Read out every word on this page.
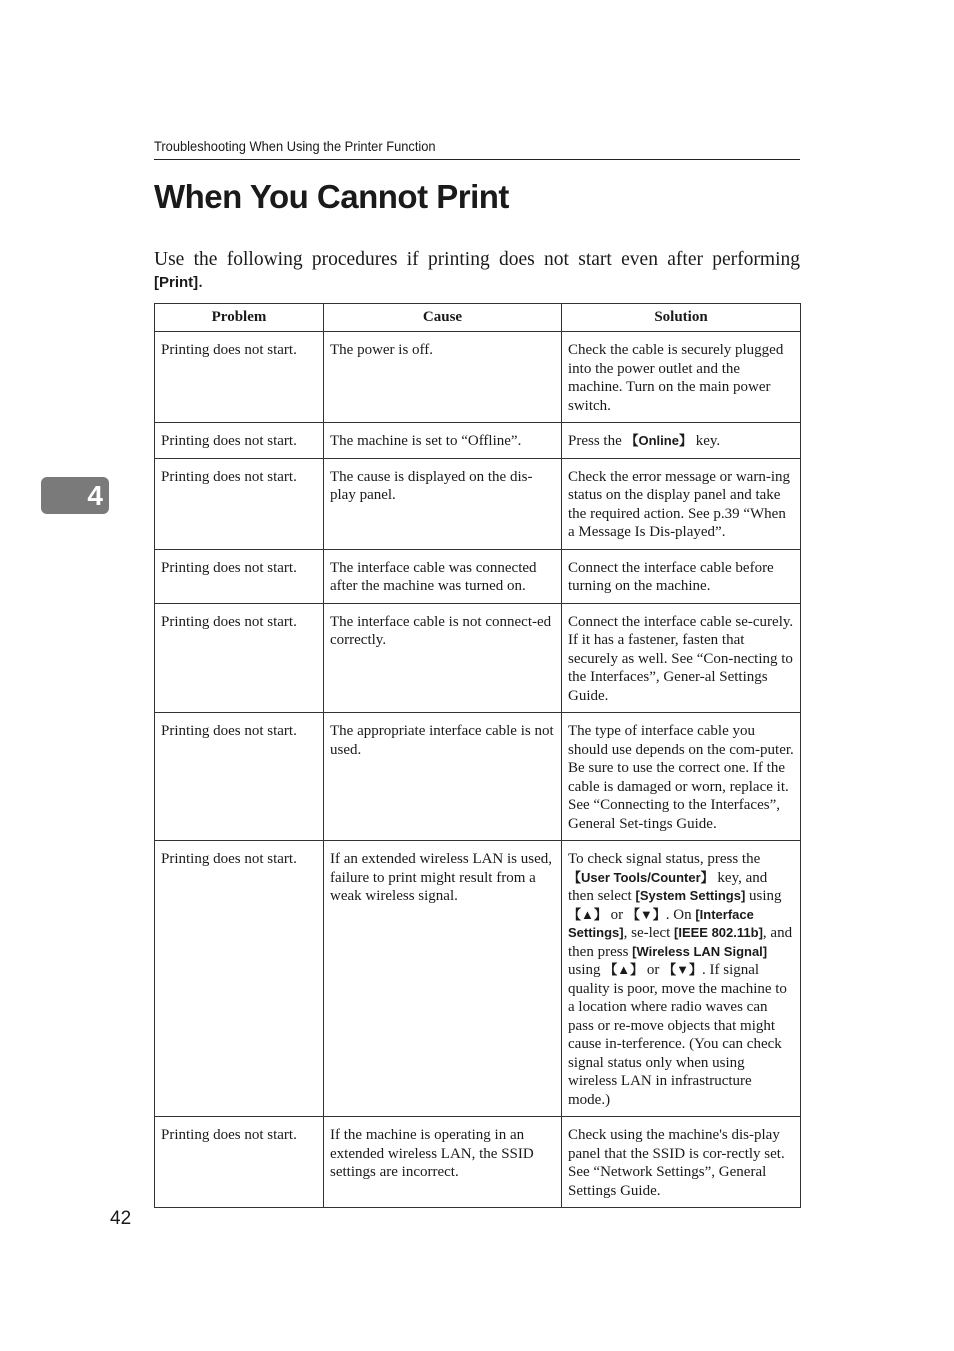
Troubleshooting When Using the Printer Function
When You Cannot Print

Use the following procedures if printing does not start even after performing [Print].

4
Problem	Cause	Solution
Printing does not start.	The power is off.	Check the cable is securely plugged into the power outlet and the machine. Turn on the main power switch.
Printing does not start.	The machine is set to “Offline”.	Press the 【Online】 key.
Printing does not start.	The cause is displayed on the dis-play panel.	Check the error message or warn-ing status on the display panel and take the required action. See p.39 “When a Message Is Dis-played”.
Printing does not start.	The interface cable was connected after the machine was turned on.	Connect the interface cable before turning on the machine.
Printing does not start.	The interface cable is not connect-ed correctly.	Connect the interface cable se-curely. If it has a fastener, fasten that securely as well. See “Con-necting to the Interfaces”, Gener-al Settings Guide.
Printing does not start.	The appropriate interface cable is not used.	The type of interface cable you should use depends on the com-puter. Be sure to use the correct one. If the cable is damaged or worn, replace it. See “Connecting to the Interfaces”, General Set-tings Guide.
Printing does not start.	If an extended wireless LAN is used, failure to print might result from a weak wireless signal.	To check signal status, press the 【User Tools/Counter】 key, and then select [System Settings] using 【▲】 or 【▼】. On [Interface Settings], se-lect [IEEE 802.11b], and then press [Wireless LAN Signal] using 【▲】 or 【▼】. If signal quality is poor, move the machine to a location where radio waves can pass or re-move objects that might cause in-terference. (You can check signal status only when using wireless LAN in infrastructure mode.)
Printing does not start.	If the machine is operating in an extended wireless LAN, the SSID settings are incorrect.	Check using the machine's dis-play panel that the SSID is cor-rectly set. See “Network Settings”, General Settings Guide.
42
